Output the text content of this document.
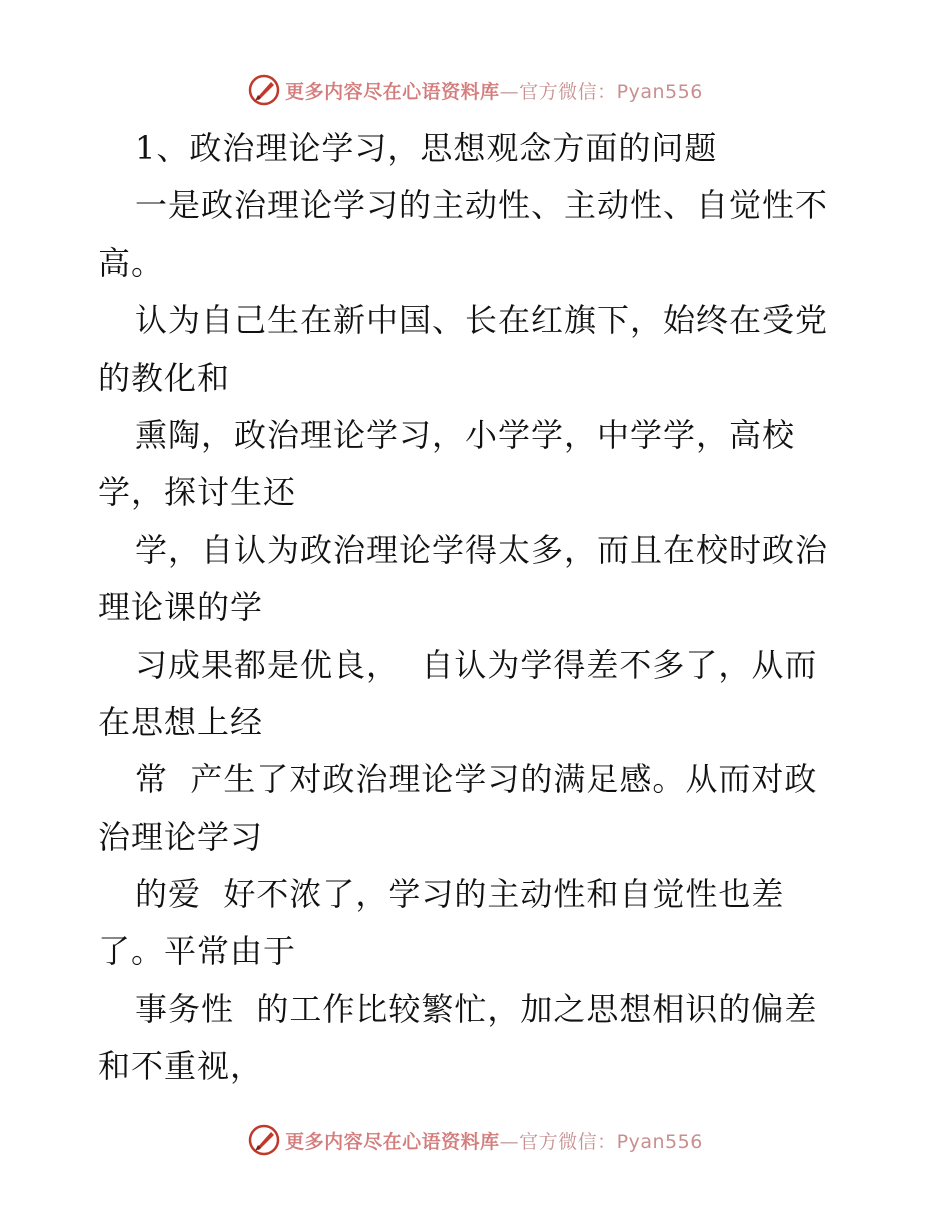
更多内容尽在心语资料库—官方微信：Pyan556
1、政治理论学习，思想观念方面的问题
一是政治理论学习的主动性、主动性、自觉性不
高。
认为自己生在新中国、长在红旗下，始终在受党
的教化和
熏陶，政治理论学习，小学学，中学学，高校
学，探讨生还
学，自认为政治理论学得太多，而且在校时政治
理论课的学
习成果都是优良，  自认为学得差不多了，从而
在思想上经
常  产生了对政治理论学习的满足感。从而对政
治理论学习
的爱  好不浓了，学习的主动性和自觉性也差
了。平常由于
事务性  的工作比较繁忙，加之思想相识的偏差
和不重视，
更多内容尽在心语资料库—官方微信：Pyan556
